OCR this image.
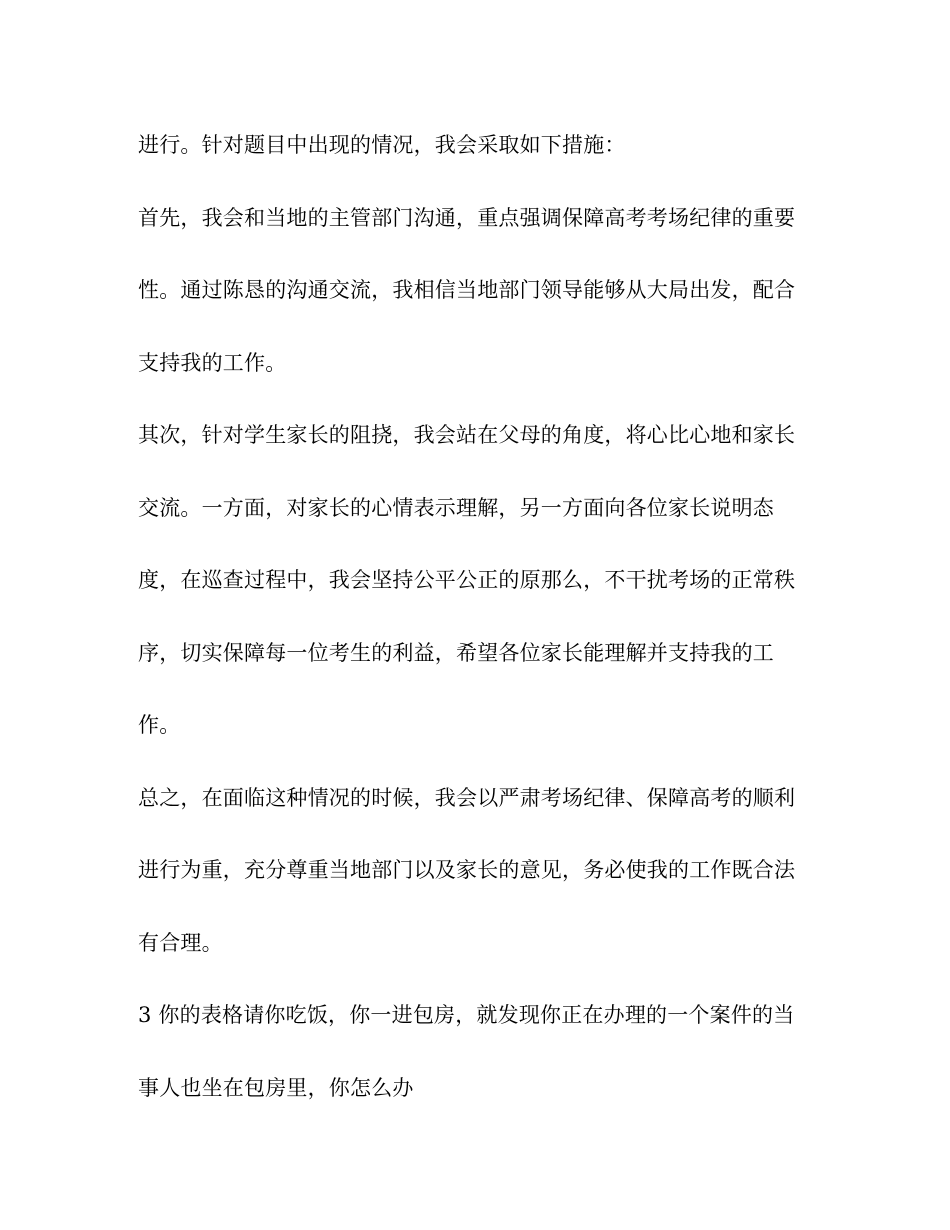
进行。针对题目中出现的情况，我会采取如下措施：
首先，我会和当地的主管部门沟通，重点强调保障高考考场纪律的重要
性。通过陈恳的沟通交流，我相信当地部门领导能够从大局出发，配合
支持我的工作。
其次，针对学生家长的阻挠，我会站在父母的角度，将心比心地和家长
交流。一方面，对家长的心情表示理解，另一方面向各位家长说明态
度，在巡查过程中，我会坚持公平公正的原那么，不干扰考场的正常秩
序，切实保障每一位考生的利益，希望各位家长能理解并支持我的工
作。
总之，在面临这种情况的时候，我会以严肃考场纪律、保障高考的顺利
进行为重，充分尊重当地部门以及家长的意见，务必使我的工作既合法
有合理。
3 你的表格请你吃饭，你一进包房，就发现你正在办理的一个案件的当
事人也坐在包房里，你怎么办
